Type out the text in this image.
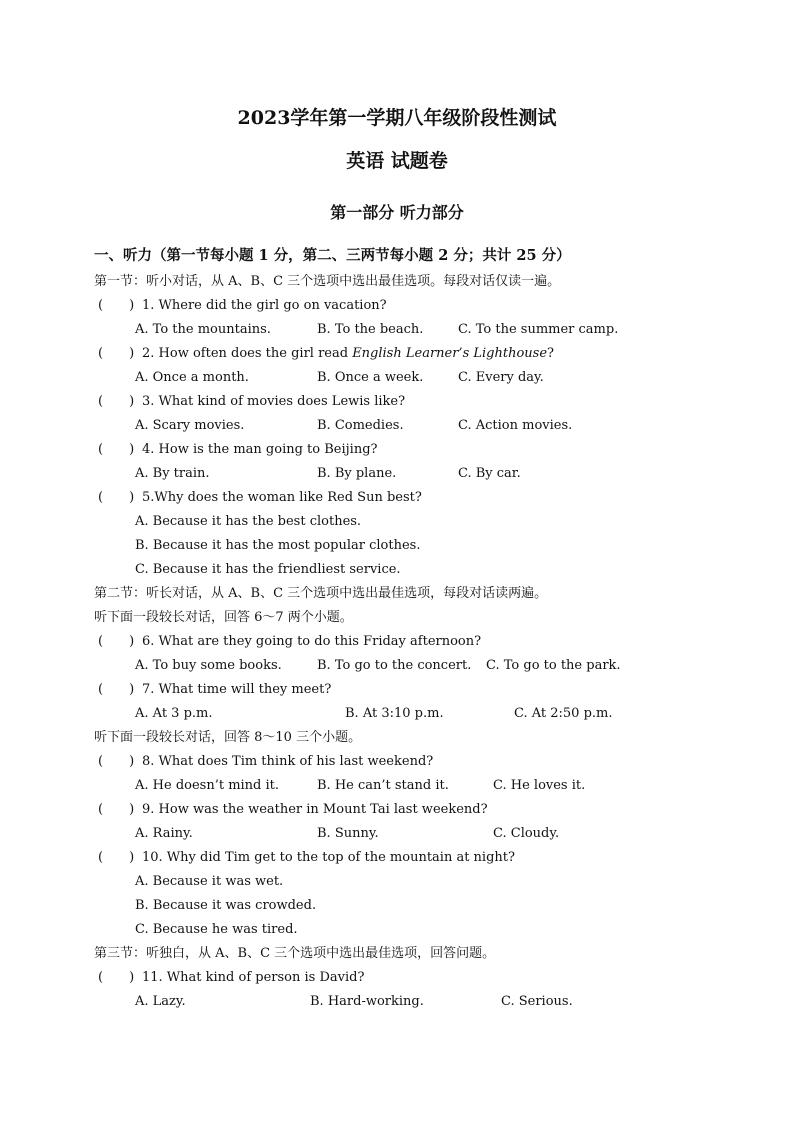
2023学年第一学期八年级阶段性测试
英语 试题卷
第一部分 听力部分
一、听力（第一节每小题 1 分，第二、三两节每小题 2 分；共计 25 分）
第一节：听小对话，从 A、B、C 三个选项中选出最佳选项。每段对话仅读一遍。
(　　) 1. Where did the girl go on vacation?
A. To the mountains.	B. To the beach.	C. To the summer camp.
(　　) 2. How often does the girl read English Learner’s Lighthouse?
A. Once a month.	B. Once a week.	C. Every day.
(　　) 3. What kind of movies does Lewis like?
A. Scary movies.	B. Comedies.	C. Action movies.
(　　) 4. How is the man going to Beijing?
A. By train.	B. By plane.	C. By car.
(　　) 5.Why does the woman like Red Sun best?
A. Because it has the best clothes.
B. Because it has the most popular clothes.
C. Because it has the friendliest service.
第二节：听长对话，从 A、B、C 三个选项中选出最佳选项，每段对话读两遍。
听下面一段较长对话，回答 6～7 两个小题。
(　　) 6. What are they going to do this Friday afternoon?
A. To buy some books.	B. To go to the concert. C. To go to the park.
(　　) 7. What time will they meet?
A. At 3 p.m.	B. At 3:10 p.m.	C. At 2:50 p.m.
听下面一段较长对话，回答 8～10 三个小题。
(　　) 8. What does Tim think of his last weekend?
A. He doesn’t mind it.	B. He can’t stand it.	C. He loves it.
(　　) 9. How was the weather in Mount Tai last weekend?
A. Rainy.	B. Sunny.	C. Cloudy.
(　　) 10. Why did Tim get to the top of the mountain at night?
A. Because it was wet.
B. Because it was crowded.
C. Because he was tired.
第三节：听独白，从 A、B、C 三个选项中选出最佳选项，回答问题。
(　　) 11. What kind of person is David?
A. Lazy.	B. Hard-working.	C. Serious.
